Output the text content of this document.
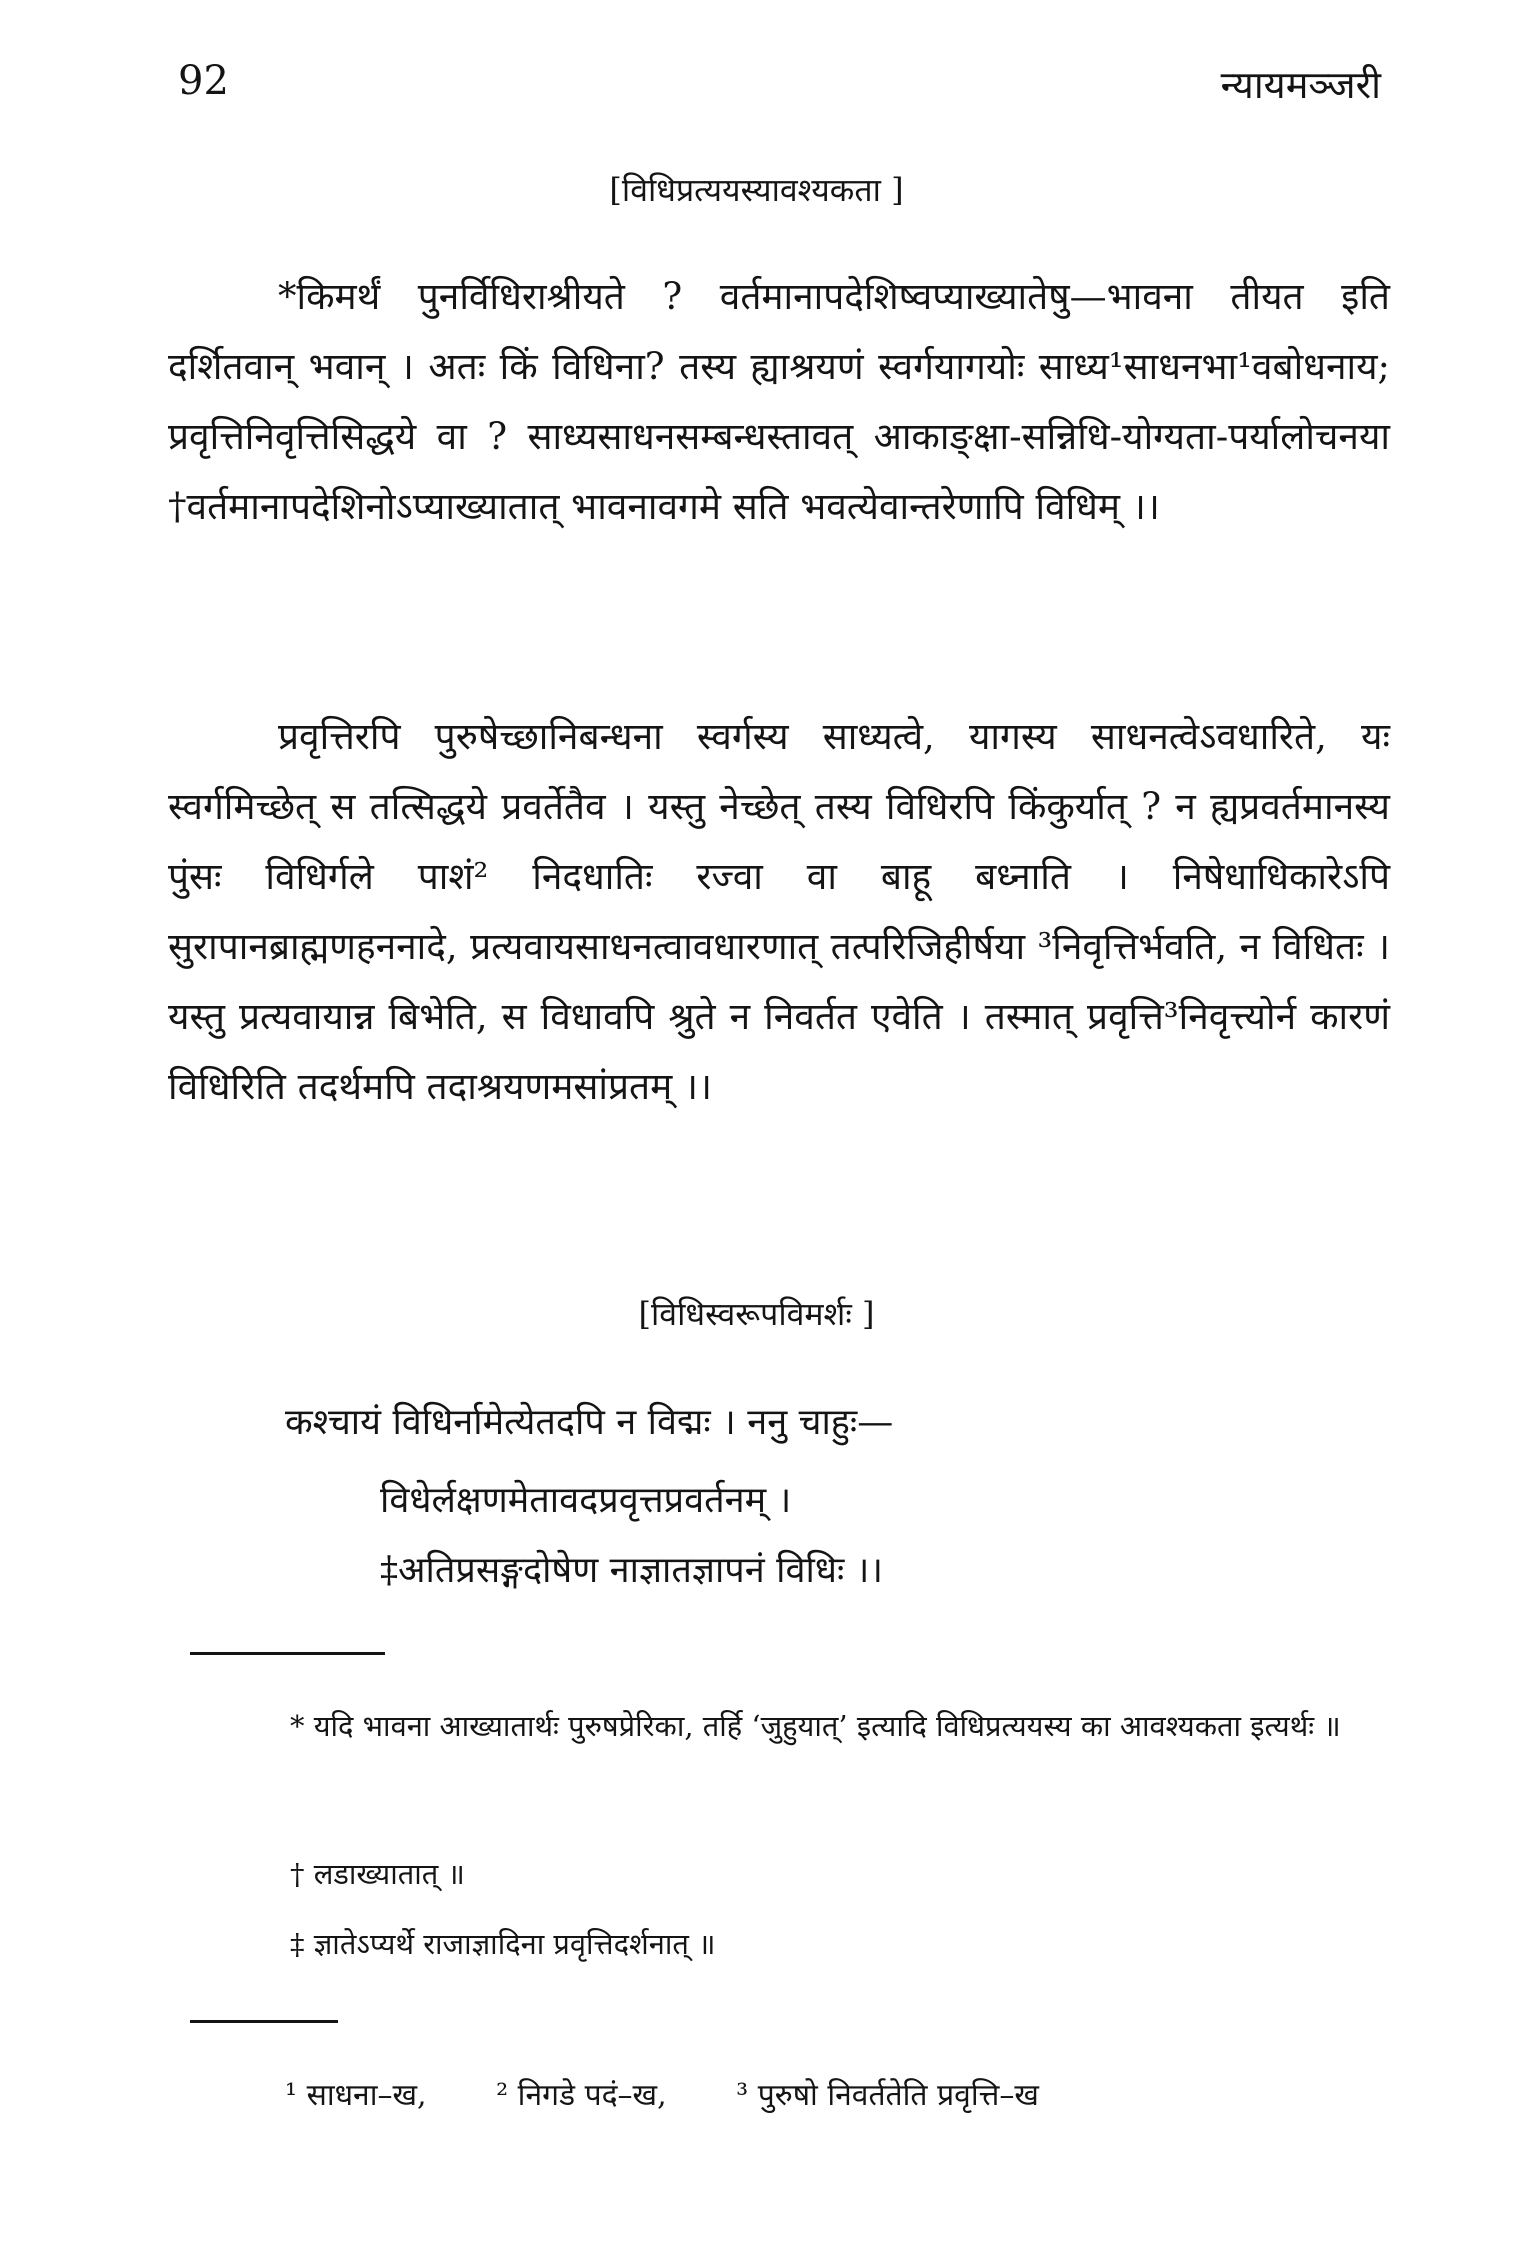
92	न्यायमञ्जरी
[विधिप्रत्ययस्यावश्यकता ]

*किमर्थं पुनर्विधिराश्रीयते ? वर्तमानापदेशिष्वप्याख्यातेषु—भावना तीयत इति दर्शितवान् भवान् । अतः किं विधिना? तस्य ह्याश्रयणं स्वर्गयागयोः साध्य¹साधनभा¹वबोधनाय; प्रवृत्तिनिवृत्तिसिद्धये वा ? साध्यसाधनसम्बन्धस्तावत् आकाङ्क्षा-सन्निधि-योग्यता-पर्यालोचनया †वर्तमानापदेशिनोऽप्याख्यातात् भावनावगमे सति भवत्येवान्तरेणापि विधिम् ।।

प्रवृत्तिरपि पुरुषेच्छानिबन्धना स्वर्गस्य साध्यत्वे, यागस्य साधनत्वेऽवधारिते, यः स्वर्गमिच्छेत् स तत्सिद्धये प्रवर्तेतैव । यस्तु नेच्छेत् तस्य विधिरपि किंकुर्यात् ? न ह्यप्रवर्तमानस्य पुंसः विधिर्गले पाशं² निदधातिः रज्वा वा बाहू बध्नाति । निषेधाधिकारेऽपि सुरापानब्राह्मणहननादे, प्रत्यवायसाधनत्वावधारणात् तत्परिजिहीर्षया ³निवृत्तिर्भवति, न विधितः । यस्तु प्रत्यवायान्न बिभेति, स विधावपि श्रुते न निवर्तत एवेति । तस्मात् प्रवृत्ति³निवृत्त्योर्न कारणं विधिरिति तदर्थमपि तदाश्रयणमसांप्रतम् ।।

[विधिस्वरूपविमर्शः ]
कश्चायं विधिर्नामेत्येतदपि न विद्मः । ननु चाहुः—
विधेर्लक्षणमेतावदप्रवृत्तप्रवर्तनम् ।
‡अतिप्रसङ्गदोषेण नाज्ञातज्ञापनं विधिः ।।

* यदि भावना आख्यातार्थः पुरुषप्रेरिका, तर्हि ‘जुहुयात्’ इत्यादि विधिप्रत्ययस्य का आवश्यकता इत्यर्थः ॥

† लडाख्यातात् ॥

‡ ज्ञातेऽप्यर्थे राजाज्ञादिना प्रवृत्तिदर्शनात् ॥

¹ साधना–ख, ² निगडे पदं–ख, ³ पुरुषो निवर्ततेति प्रवृत्ति–ख
